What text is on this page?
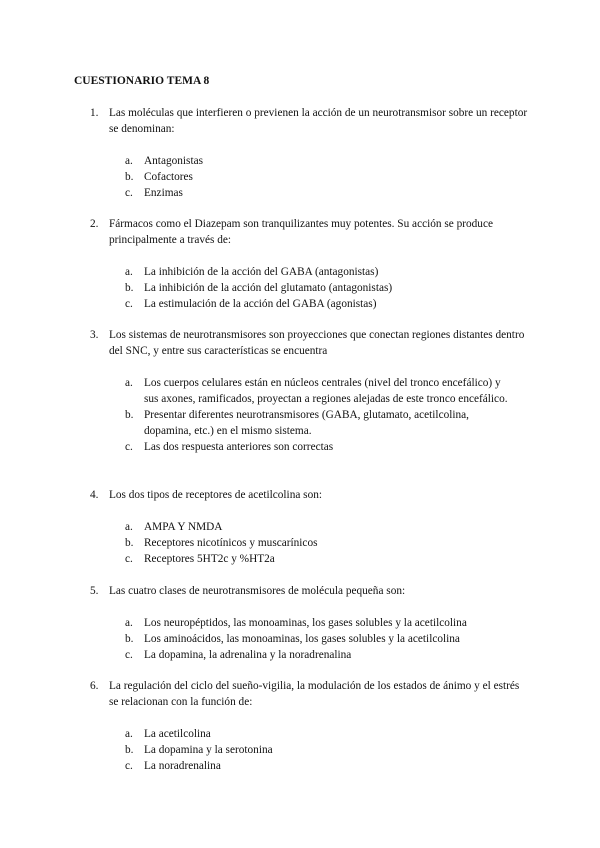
CUESTIONARIO TEMA 8
1. Las moléculas que interfieren o previenen la acción de un neurotransmisor sobre un receptor se denominan:
a. Antagonistas
b. Cofactores
c. Enzimas
2. Fármacos como el Diazepam son tranquilizantes muy potentes. Su acción se produce principalmente a través de:
a. La inhibición de la acción del GABA (antagonistas)
b. La inhibición de la acción del glutamato (antagonistas)
c. La estimulación de la acción del GABA (agonistas)
3. Los sistemas de neurotransmisores son proyecciones que conectan regiones distantes dentro del SNC, y entre sus características se encuentra
a. Los cuerpos celulares están en núcleos centrales (nivel del tronco encefálico) y sus axones, ramificados, proyectan a regiones alejadas de este tronco encefálico.
b. Presentar diferentes neurotransmisores (GABA, glutamato, acetilcolina, dopamina, etc.) en el mismo sistema.
c. Las dos respuesta anteriores son correctas
4. Los dos tipos de receptores de acetilcolina son:
a. AMPA Y NMDA
b. Receptores nicotínicos y muscarínicos
c. Receptores 5HT2c y %HT2a
5. Las cuatro clases de neurotransmisores de molécula pequeña son:
a. Los neuropéptidos, las monoaminas, los gases solubles y la acetilcolina
b. Los aminoácidos, las monoaminas, los gases solubles y la acetilcolina
c. La dopamina, la adrenalina y la noradrenalina
6. La regulación del ciclo del sueño-vigilia, la modulación de los estados de ánimo y el estrés se relacionan con la función de:
a. La acetilcolina
b. La dopamina y la serotonina
c. La noradrenalina
